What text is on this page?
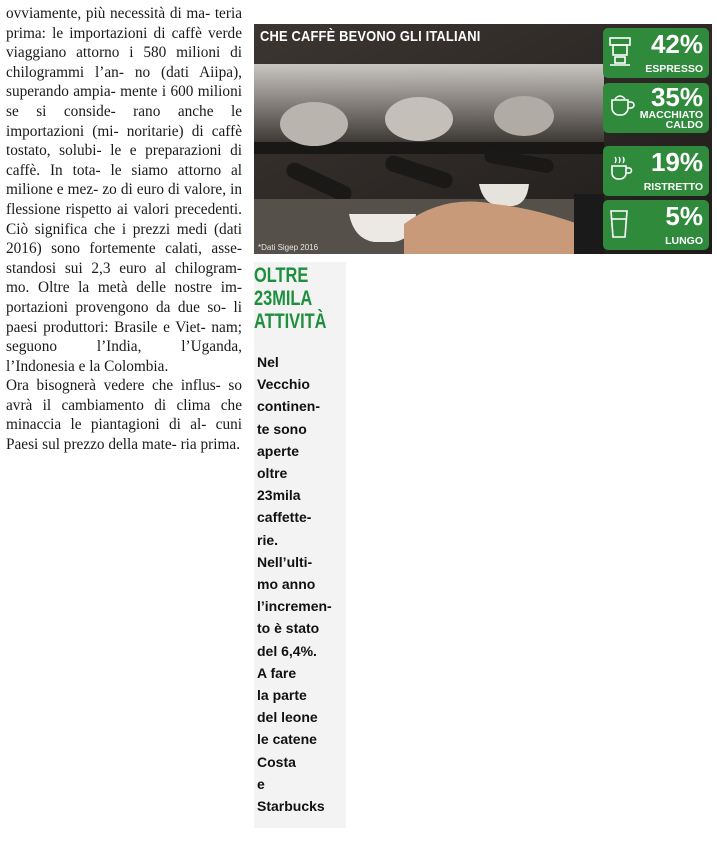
ovviamente, più necessità di ma- teria prima: le importazioni di caffè verde viaggiano attorno i 580 milioni di chilogrammi l’an- no (dati Aiipa), superando ampia- mente i 600 milioni se si conside- rano anche le importazioni (mi- noritarie) di caffè tostato, solubi- le e preparazioni di caffè. In tota- le siamo attorno al milione e mez- zo di euro di valore, in flessione rispetto ai valori precedenti. Ciò significa che i prezzi medi (dati 2016) sono fortemente calati, asse- standosi sui 2,3 euro al chilogram- mo. Oltre la metà delle nostre im- portazioni provengono da due so- li paesi produttori: Brasile e Viet- nam; seguono l’India, l’Uganda, l’Indonesia e la Colombia.

Ora bisognerà vedere che influs- so avrà il cambiamento di clima che minaccia le piantagioni di al- cuni Paesi sul prezzo della mate- ria prima.

CHE CAFFÈ BEVONO GLI ITALIANI
*Dati Sigep 2016
42%
ESPRESSO
35%
MACCHIATO CALDO
19%
RISTRETTO
5%
LUNGO
OLTRE
23MILA
ATTIVITÀ
Nel
Vecchio
continen-
te sono
aperte
oltre
23mila
caffette-
rie.
Nell’ulti-
mo anno
l’incremen-
to è stato
del 6,4%.
A fare
la parte
del leone
le catene
Costa
e
Starbucks
